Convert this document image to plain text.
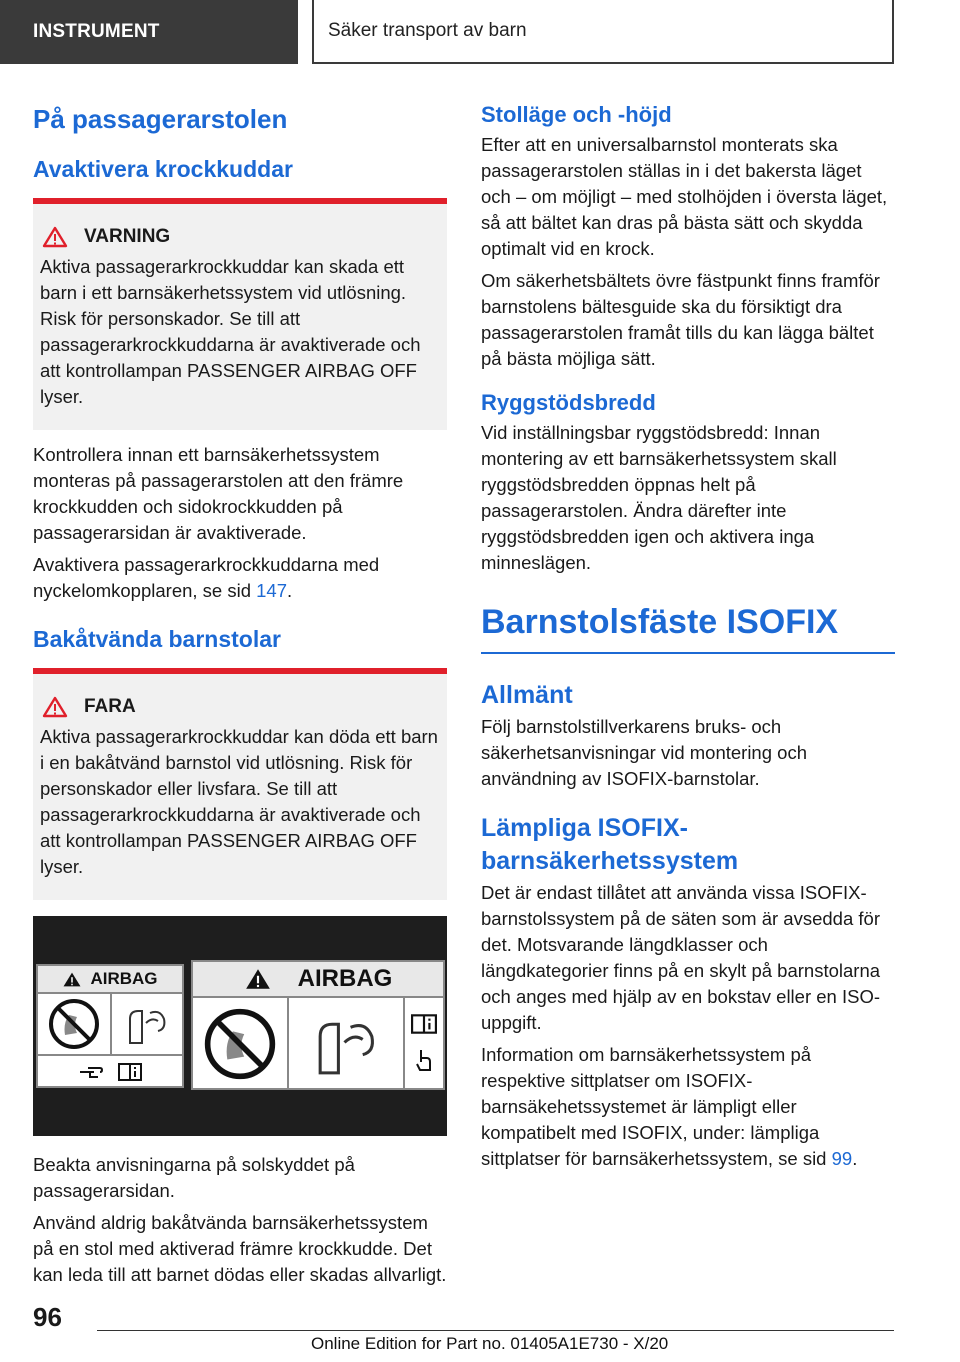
INSTRUMENT	Säker transport av barn
På passagerarstolen
Avaktivera krockkuddar
VARNING

Aktiva passagerarkrockkuddar kan skada ett barn i ett barnsäkerhetssystem vid utlösning. Risk för personskador. Se till att passagerarkrockkuddarna är avaktiverade och att kontrollampan PASSENGER AIRBAG OFF lyser.

Kontrollera innan ett barnsäkerhetssystem monteras på passagerarstolen att den främre krockkudden och sidokrockkudden på passagerarsidan är avaktiverade.

Avaktivera passagerarkrockkuddarna med nyckelomkopplaren, se sid 147.

Bakåtvända barnstolar
FARA

Aktiva passagerarkrockkuddar kan döda ett barn i en bakåtvänd barnstol vid utlösning. Risk för personskador eller livsfara. Se till att passagerarkrockkuddarna är avaktiverade och att kontrollampan PASSENGER AIRBAG OFF lyser.

AIRBAG	AIRBAG

Beakta anvisningarna på solskyddet på passagerarsidan.

Använd aldrig bakåtvända barnsäkerhetssystem på en stol med aktiverad främre krockkudde. Det kan leda till att barnet dödas eller skadas allvarligt.

Stolläge och -höjd

Efter att en universalbarnstol monterats ska passagerarstolen ställas in i det bakersta läget och – om möjligt – med stolhöjden i översta läget, så att bältet kan dras på bästa sätt och skydda optimalt vid en krock.

Om säkerhetsbältets övre fästpunkt finns framför barnstolens bältesguide ska du försiktigt dra passagerarstolen framåt tills du kan lägga bältet på bästa möjliga sätt.

Ryggstödsbredd

Vid inställningsbar ryggstödsbredd: Innan montering av ett barnsäkerhetssystem skall ryggstödsbredden öppnas helt på passagerarstolen. Ändra därefter inte ryggstödsbredden igen och aktivera inga minneslägen.

Barnstolsfäste ISOFIX
Allmänt

Följ barnstolstillverkarens bruks- och säkerhetsanvisningar vid montering och användning av ISOFIX-barnstolar.

Lämpliga ISOFIX-barnsäkerhetssystem

Det är endast tillåtet att använda vissa ISOFIX-barnstolssystem på de säten som är avsedda för det. Motsvarande längdklasser och längdkategorier finns på en skylt på barnstolarna och anges med hjälp av en bokstav eller en ISO-uppgift.

Information om barnsäkerhetssystem på respektive sittplatser om ISOFIX-barnsäkehetssystemet är lämpligt eller kompatibelt med ISOFIX, under: lämpliga sittplatser för barnsäkerhetssystem, se sid 99.

96
Online Edition for Part no. 01405A1E730 - X/20
